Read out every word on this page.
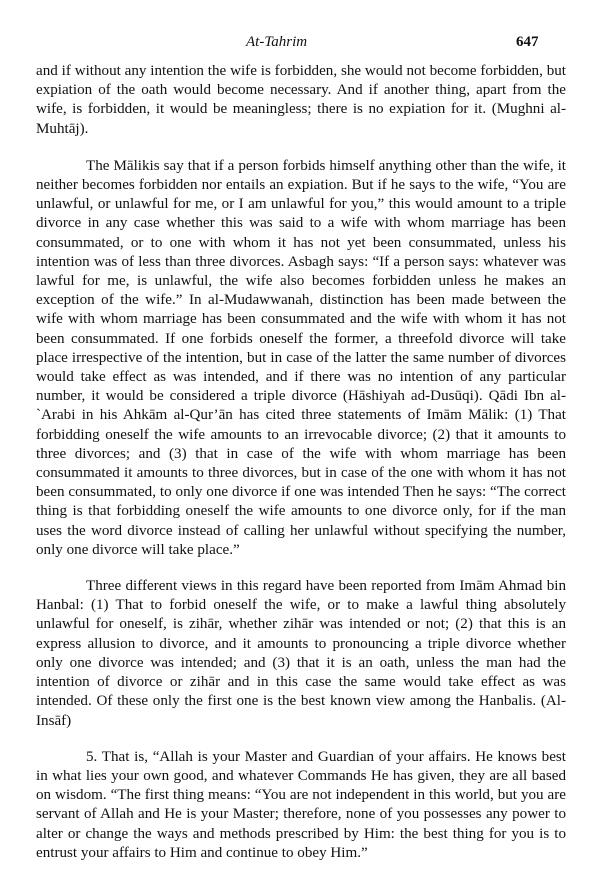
At-Tahrim	647

and if without any intention the wife is forbidden, she would not become forbidden, but expiation of the oath would become necessary. And if another thing, apart from the wife, is forbidden, it would be meaningless; there is no expiation for it. (Mughni al-Muhtāj).

The Mālikis say that if a person forbids himself anything other than the wife, it neither becomes forbidden nor entails an expiation. But if he says to the wife, “You are unlawful, or unlawful for me, or I am unlawful for you,” this would amount to a triple divorce in any case whether this was said to a wife with whom marriage has been consummated, or to one with whom it has not yet been consummated, unless his intention was of less than three divorces. Asbagh says: “If a person says: whatever was lawful for me, is unlawful, the wife also becomes forbidden unless he makes an exception of the wife.” In al-Mudawwanah, distinction has been made between the wife with whom marriage has been consummated and the wife with whom it has not been consummated. If one forbids oneself the former, a threefold divorce will take place irrespective of the intention, but in case of the latter the same number of divorces would take effect as was intended, and if there was no intention of any particular number, it would be considered a triple divorce (Hāshiyah ad-Dusūqi). Qādi Ibn al-`Arabi in his Ahkām al-Qur’ān has cited three statements of Imām Mālik: (1) That forbidding oneself the wife amounts to an irrevocable divorce; (2) that it amounts to three divorces; and (3) that in case of the wife with whom marriage has been consummated it amounts to three divorces, but in case of the one with whom it has not been consummated, to only one divorce if one was intended Then he says: “The correct thing is that forbidding oneself the wife amounts to one divorce only, for if the man uses the word divorce instead of calling her unlawful without specifying the number, only one divorce will take place.”

Three different views in this regard have been reported from Imām Ahmad bin Hanbal: (1) That to forbid oneself the wife, or to make a lawful thing absolutely unlawful for oneself, is zihār, whether zihār was intended or not; (2) that this is an express allusion to divorce, and it amounts to pronouncing a triple divorce whether only one divorce was intended; and (3) that it is an oath, unless the man had the intention of divorce or zihār and in this case the same would take effect as was intended. Of these only the first one is the best known view among the Hanbalis. (Al-Insāf)

5. That is, “Allah is your Master and Guardian of your affairs. He knows best in what lies your own good, and whatever Commands He has given, they are all based on wisdom. “The first thing means: “You are not independent in this world, but you are servant of Allah and He is your Master; therefore, none of you possesses any power to alter or change the ways and methods prescribed by Him: the best thing for you is to entrust your affairs to Him and continue to obey Him.”
